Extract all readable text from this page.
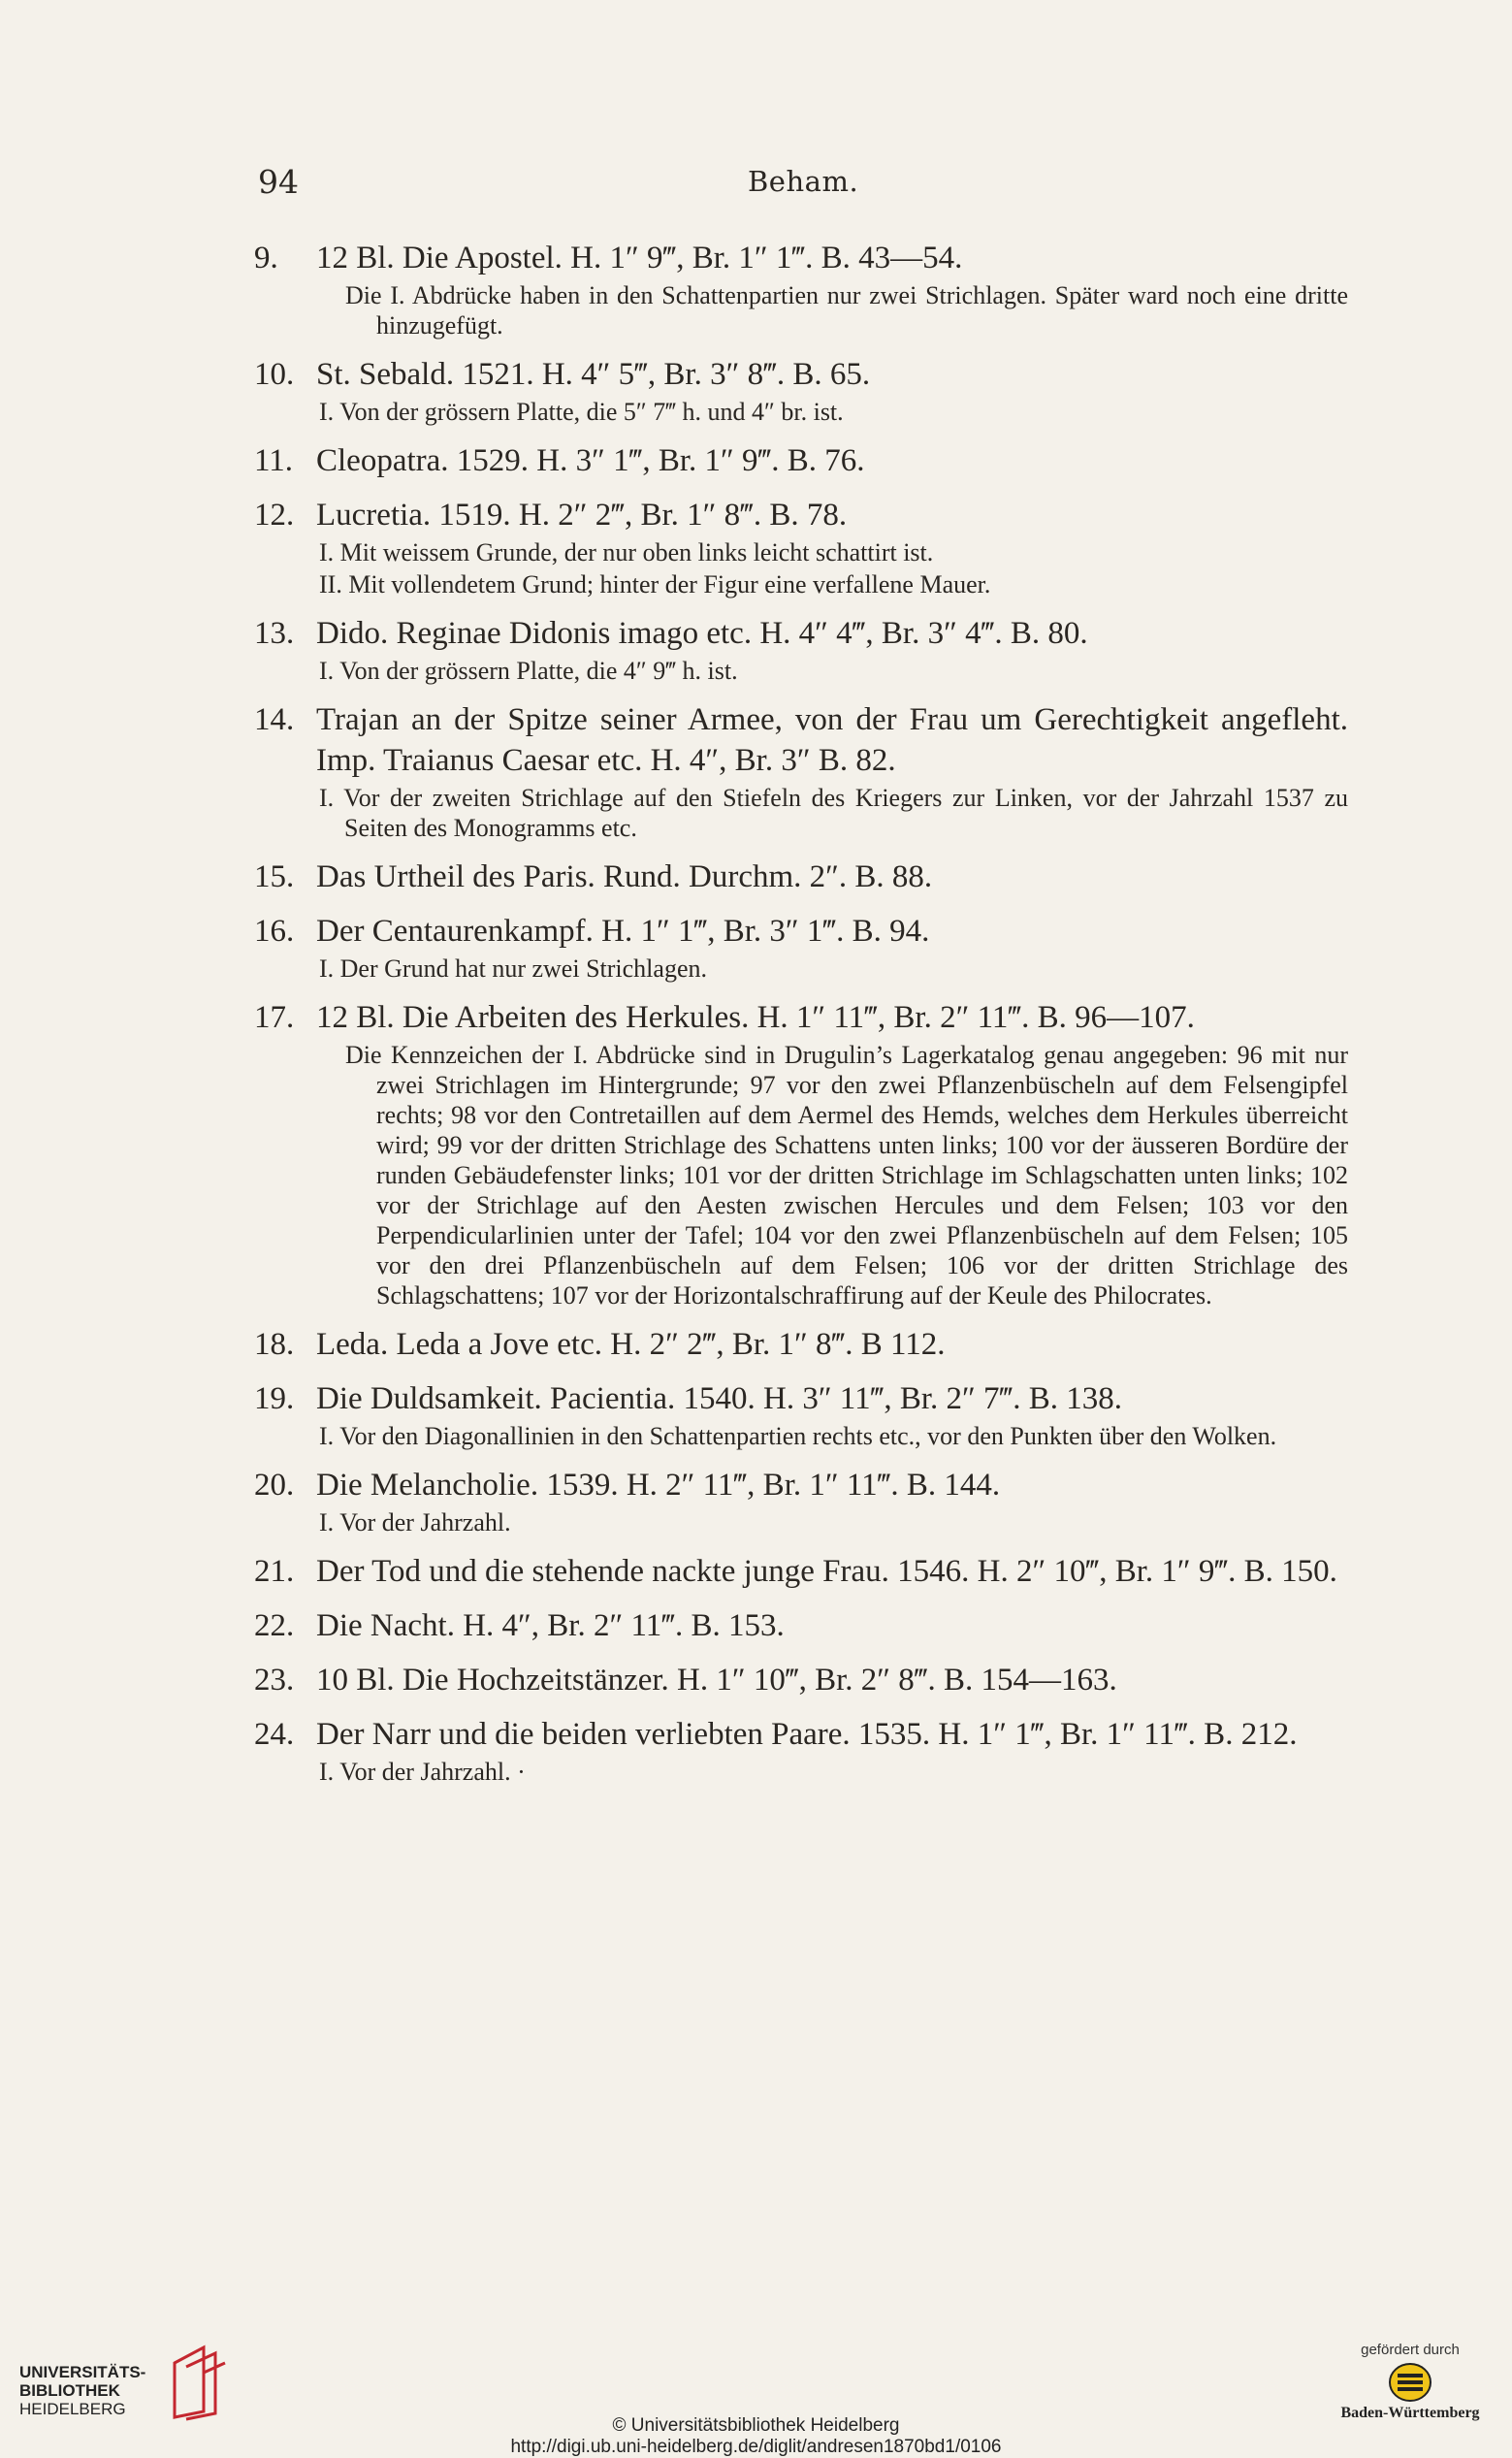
94	Beham.

9. 12 Bl. Die Apostel. H. 1″ 9‴, Br. 1″ 1‴. B. 43—54.

Die I. Abdrücke haben in den Schattenpartien nur zwei Strichlagen. Später ward noch eine dritte hinzugefügt.

10. St. Sebald. 1521. H. 4″ 5‴, Br. 3″ 8‴. B. 65.

I. Von der grössern Platte, die 5″ 7‴ h. und 4″ br. ist.

11. Cleopatra. 1529. H. 3″ 1‴, Br. 1″ 9‴. B. 76.

12. Lucretia. 1519. H. 2″ 2‴, Br. 1″ 8‴. B. 78.

I. Mit weissem Grunde, der nur oben links leicht schattirt ist.

II. Mit vollendetem Grund; hinter der Figur eine verfallene Mauer.

13. Dido. Reginae Didonis imago etc. H. 4″ 4‴, Br. 3″ 4‴. B. 80.

I. Von der grössern Platte, die 4″ 9‴ h. ist.

14. Trajan an der Spitze seiner Armee, von der Frau um Gerechtigkeit angefleht. Imp. Traianus Caesar etc. H. 4″, Br. 3″ B. 82.

I. Vor der zweiten Strichlage auf den Stiefeln des Kriegers zur Linken, vor der Jahrzahl 1537 zu Seiten des Monogramms etc.

15. Das Urtheil des Paris. Rund. Durchm. 2″. B. 88.

16. Der Centaurenkampf. H. 1″ 1‴, Br. 3″ 1‴. B. 94.

I. Der Grund hat nur zwei Strichlagen.

17. 12 Bl. Die Arbeiten des Herkules. H. 1″ 11‴, Br. 2″ 11‴. B. 96—107.

Die Kennzeichen der I. Abdrücke sind in Drugulin’s Lagerkatalog genau angegeben: 96 mit nur zwei Strichlagen im Hintergrunde; 97 vor den zwei Pflanzenbüscheln auf dem Felsengipfel rechts; 98 vor den Contretaillen auf dem Aermel des Hemds, welches dem Herkules überreicht wird; 99 vor der dritten Strichlage des Schattens unten links; 100 vor der äusseren Bordüre der runden Gebäudefenster links; 101 vor der dritten Strichlage im Schlagschatten unten links; 102 vor der Strichlage auf den Aesten zwischen Hercules und dem Felsen; 103 vor den Perpendicularlinien unter der Tafel; 104 vor den zwei Pflanzenbüscheln auf dem Felsen; 105 vor den drei Pflanzenbüscheln auf dem Felsen; 106 vor der dritten Strichlage des Schlagschattens; 107 vor der Horizontalschraffirung auf der Keule des Philocrates.

18. Leda. Leda a Jove etc. H. 2″ 2‴, Br. 1″ 8‴. B 112.

19. Die Duldsamkeit. Pacientia. 1540. H. 3″ 11‴, Br. 2″ 7‴. B. 138.

I. Vor den Diagonallinien in den Schattenpartien rechts etc., vor den Punkten über den Wolken.

20. Die Melancholie. 1539. H. 2″ 11‴, Br. 1″ 11‴. B. 144.

I. Vor der Jahrzahl.

21. Der Tod und die stehende nackte junge Frau. 1546. H. 2″ 10‴, Br. 1″ 9‴. B. 150.

22. Die Nacht. H. 4″, Br. 2″ 11‴. B. 153.

23. 10 Bl. Die Hochzeitstänzer. H. 1″ 10‴, Br. 2″ 8‴. B. 154—163.

24. Der Narr und die beiden verliebten Paare. 1535. H. 1″ 1‴, Br. 1″ 11‴. B. 212.

I. Vor der Jahrzahl. ·

UNIVERSITÄTS-
BIBLIOTHEK
HEIDELBERG
© Universitätsbibliothek Heidelberg
http://digi.ub.uni-heidelberg.de/diglit/andresen1870bd1/0106
gefördert durch
Baden-Württemberg
